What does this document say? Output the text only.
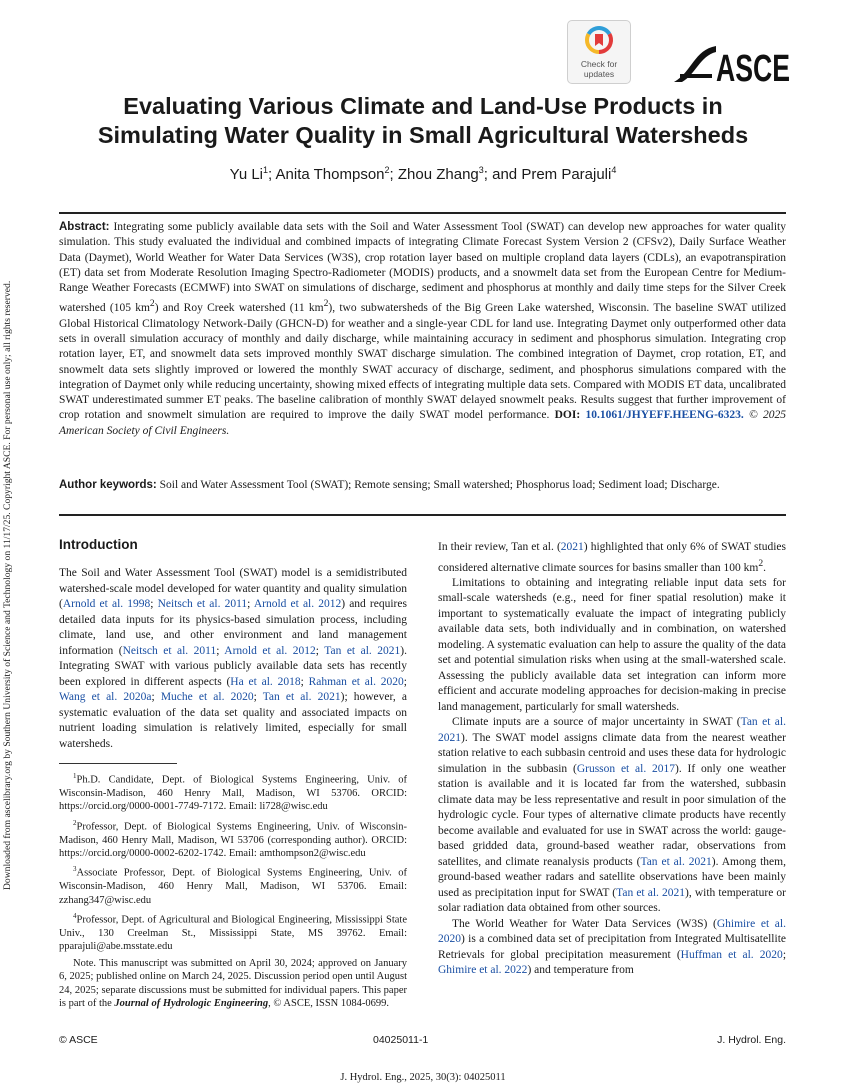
Downloaded from ascelibrary.org by Southern University of Science and Technology on 11/17/25. Copyright ASCE. For personal use only; all rights reserved.
Check for
updates	ASCE
Evaluating Various Climate and Land-Use Products in
Simulating Water Quality in Small Agricultural Watersheds
Yu Li$^1$; Anita Thompson$^2$; Zhou Zhang$^3$; and Prem Parajuli$^4$

Abstract: Integrating some publicly available data sets with the Soil and Water Assessment Tool (SWAT) can develop new approaches for water quality simulation. This study evaluated the individual and combined impacts of integrating Climate Forecast System Version 2 (CFSv2), Daily Surface Weather Data (Daymet), World Weather for Water Data Services (W3S), crop rotation layer based on multiple cropland data layers (CDLs), an evapotranspiration (ET) data set from Moderate Resolution Imaging Spectro-Radiometer (MODIS) products, and a snowmelt data set from the European Centre for Medium-Range Weather Forecasts (ECMWF) into SWAT on simulations of discharge, sediment and phosphorus at monthly and daily time steps for the Silver Creek watershed (105 $km^2$) and Roy Creek watershed (11 $km^2$), two subwatersheds of the Big Green Lake watershed, Wisconsin. The baseline SWAT utilized Global Historical Climatology Network-Daily (GHCN-D) for weather and a single-year CDL for land use. Integrating Daymet only outperformed other data sets in overall simulation accuracy of monthly and daily discharge, while maintaining accuracy in sediment and phosphorus simulation. Integrating crop rotation layer, ET, and snowmelt data sets improved monthly SWAT discharge simulation. The combined integration of Daymet, crop rotation, ET, and snowmelt data sets slightly improved or lowered the monthly SWAT accuracy of discharge, sediment, and phosphorus simulations compared with the integration of Daymet only while reducing uncertainty, showing mixed effects of integrating multiple data sets. Compared with MODIS ET data, uncalibrated SWAT underestimated summer ET peaks. The baseline calibration of monthly SWAT delayed snowmelt peaks. Results suggest that further improvement of crop rotation and snowmelt simulation are required to improve the daily SWAT model performance. DOI: 10.1061/JHYEFF.HEENG-6323. © 2025 American Society of Civil Engineers.

Author keywords: Soil and Water Assessment Tool (SWAT); Remote sensing; Small watershed; Phosphorus load; Sediment load; Discharge.

Introduction

The Soil and Water Assessment Tool (SWAT) model is a semidistributed watershed-scale model developed for water quantity and quality simulation (Arnold et al. 1998; Neitsch et al. 2011; Arnold et al. 2012) and requires detailed data inputs for its physics-based simulation process, including climate, land use, and other environment and land management information (Neitsch et al. 2011; Arnold et al. 2012; Tan et al. 2021). Integrating SWAT with various publicly available data sets has recently been explored in different aspects (Ha et al. 2018; Rahman et al. 2020; Wang et al. 2020a; Muche et al. 2020; Tan et al. 2021); however, a systematic evaluation of the data set quality and associated impacts on nutrient loading simulation is relatively limited, especially for small watersheds.

$^1$Ph.D. Candidate, Dept. of Biological Systems Engineering, Univ. of Wisconsin-Madison, 460 Henry Mall, Madison, WI 53706. ORCID: https://orcid.org/0000-0001-7749-7172. Email: li728@wisc.edu

$^2$Professor, Dept. of Biological Systems Engineering, Univ. of Wisconsin-Madison, 460 Henry Mall, Madison, WI 53706 (corresponding author). ORCID: https://orcid.org/0000-0002-6202-1742. Email: amthompson2@wisc.edu

$^3$Associate Professor, Dept. of Biological Systems Engineering, Univ. of Wisconsin-Madison, 460 Henry Mall, Madison, WI 53706. Email: zzhang347@wisc.edu

$^4$Professor, Dept. of Agricultural and Biological Engineering, Mississippi State Univ., 130 Creelman St., Mississippi State, MS 39762. Email: pparajuli@abe.msstate.edu

Note. This manuscript was submitted on April 30, 2024; approved on January 6, 2025; published online on March 24, 2025. Discussion period open until August 24, 2025; separate discussions must be submitted for individual papers. This paper is part of the Journal of Hydrologic Engineering, © ASCE, ISSN 1084-0699.

In their review, Tan et al. (2021) highlighted that only 6% of SWAT studies considered alternative climate sources for basins smaller than 100 $km^2$.

Limitations to obtaining and integrating reliable input data sets for small-scale watersheds (e.g., need for finer spatial resolution) make it important to systematically evaluate the impact of integrating publicly available data sets, both individually and in combination, on watershed modeling. A systematic evaluation can help to assure the quality of the data set and potential simulation risks when using at the small-watershed scale. Assessing the publicly available data set integration can inform more efficient and accurate modeling approaches for decision-making in precise land management, particularly for small watersheds.

Climate inputs are a source of major uncertainty in SWAT (Tan et al. 2021). The SWAT model assigns climate data from the nearest weather station relative to each subbasin centroid and uses these data for hydrologic simulation in the subbasin (Grusson et al. 2017). If only one weather station is available and it is located far from the watershed, subbasin climate data may be less representative and result in poor simulation of the hydrologic cycle. Four types of alternative climate products have recently become available and evaluated for use in SWAT across the world: gauge-based gridded data, ground-based weather radar, observations from satellites, and climate reanalysis products (Tan et al. 2021). Among them, ground-based weather radars and satellite observations have been mainly used as precipitation input for SWAT (Tan et al. 2021), with temperature or solar radiation data obtained from other sources.

The World Weather for Water Data Services (W3S) (Ghimire et al. 2020) is a combined data set of precipitation from Integrated Multisatellite Retrievals for global precipitation measurement (Huffman et al. 2020; Ghimire et al. 2022) and temperature from

© ASCE	04025011-1	J. Hydrol. Eng.
J. Hydrol. Eng., 2025, 30(3): 04025011
